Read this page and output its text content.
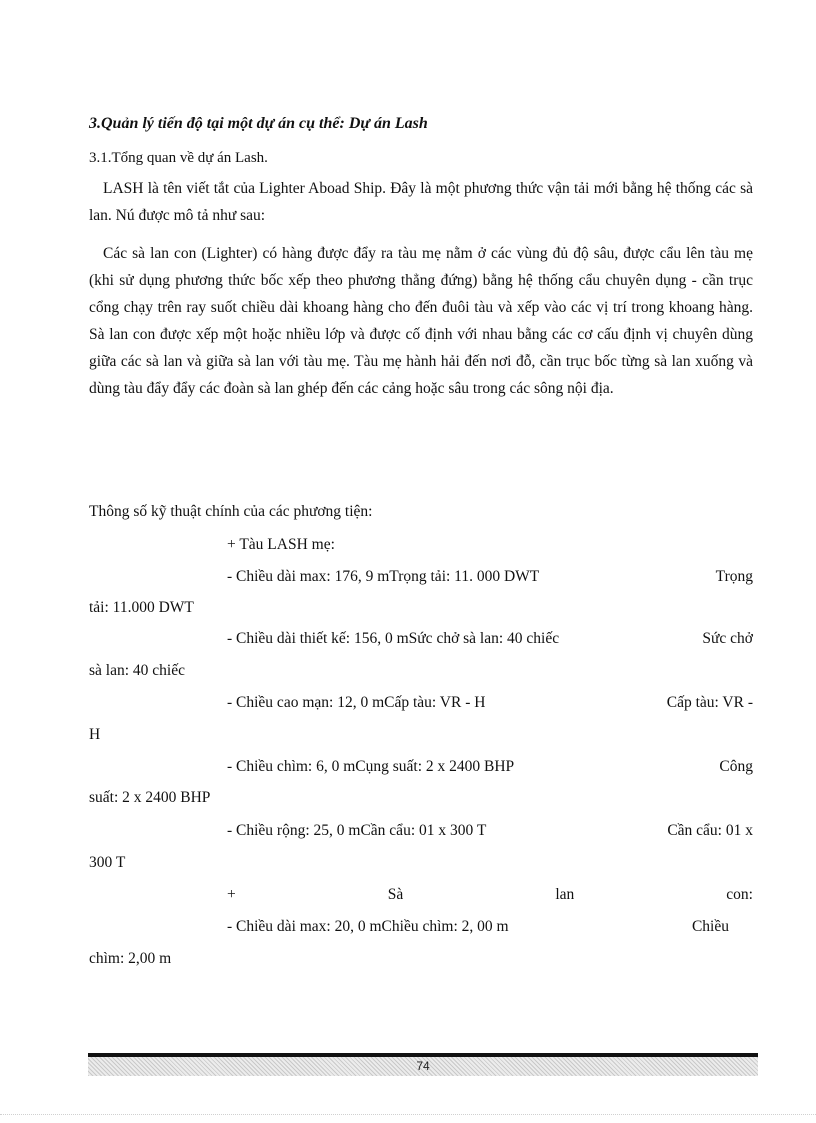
3.Quản lý tiến độ tại một dự án cụ thể: Dự án Lash

3.1.Tổng quan về dự án Lash.

LASH là tên viết tắt của Lighter Aboad Ship. Đây là một phương thức vận tải mới bằng hệ thống các sà lan. Nú được mô tả như sau:

Các sà lan con (Lighter) có hàng được đẩy ra tàu mẹ nằm ở các vùng đủ độ sâu, được cẩu lên tàu mẹ (khi sử dụng phương thức bốc xếp theo phương thẳng đứng) bằng hệ thống cẩu chuyên dụng - cần trục cổng chạy trên ray suốt chiều dài khoang hàng cho đến đuôi tàu và xếp vào các vị trí trong khoang hàng. Sà lan con được xếp một hoặc nhiều lớp và được cố định với nhau bằng các cơ cấu định vị chuyên dùng giữa các sà lan và giữa sà lan với tàu mẹ. Tàu mẹ hành hải đến nơi đỗ, cần trục bốc từng sà lan xuống và dùng tàu đẩy đẩy các đoàn sà lan ghép đến các cảng hoặc sâu trong các sông nội địa.

Thông số kỹ thuật chính của các phương tiện:

+ Tàu LASH mẹ:
- Chiều dài max: 176, 9 mTrọng tải: 11. 000 DWT	Trọng
tải: 11.000 DWT
- Chiều dài thiết kế: 156, 0 mSức chở sà lan: 40 chiếc	Sức chở
sà lan: 40 chiếc
- Chiều cao mạn: 12, 0 mCấp tàu: VR - H	Cấp tàu: VR -
H
- Chiều chìm: 6, 0 mCụng suất: 2 x 2400 BHP	Công
suất: 2 x 2400 BHP
- Chiều rộng: 25, 0 mCần cẩu: 01 x 300 T	Cần cẩu: 01 x
300 T
+	Sà	lan	con:
- Chiều dài max: 20, 0 mChiều chìm: 2, 00 m	Chiều
chìm: 2,00 m
74
